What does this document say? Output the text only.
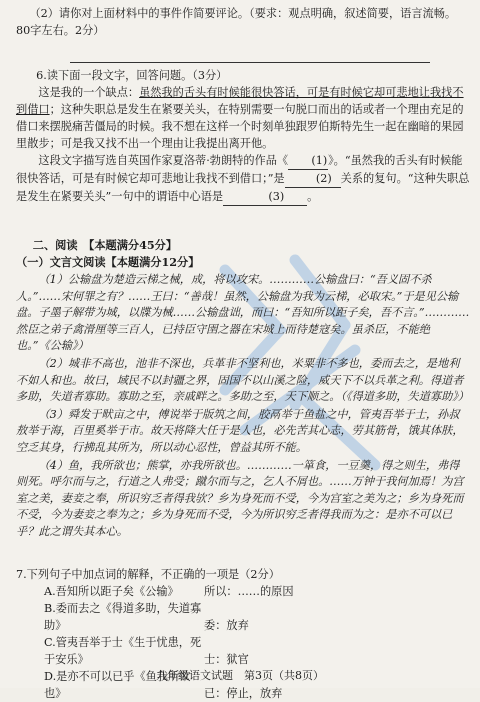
（2）请你对上面材料中的事件作简要评论。（要求：观点明确，叙述简要，语言流畅。

80字左右。2分）

6.读下面一段文字，回答问题。（3分）

这是我的一个缺点：虽然我的舌头有时候能很快答话，可是有时候它却可悲地让我找不到借口；这种失职总是发生在紧要关头，在特别需要一句脱口而出的话或者一个理由充足的借口来摆脱痛苦僵局的时候。我不想在这样一个时刻单独跟罗伯斯特先生一起在幽暗的果园里散步；可是我又找不出一个理由让我提出离开他。

这段文字描写选自英国作家夏洛蒂·勃朗特的作品《 (1)》。“虽然我的舌头有时候能很快答话，可是有时候它却可悲地让我找不到借口；”是	(2) 关系的复句。“这种失职总是发生在紧要关头”一句中的谓语中心语是	(3) 。

二、阅读　【本题满分45分】

（一）文言文阅读【本题满分12分】

（1）公输盘为楚造云梯之械，成，将以攻宋。…………公输盘曰：“吾义固不杀人。”……宋何罪之有？……王曰：“善哉！虽然，公输盘为我为云梯，必取宋。”于是见公输盘。子墨子解带为城，以牒为械……公输盘诎，而曰：“吾知所以距子矣，吾不言。”…………然臣之弟子禽滑厘等三百人，已持臣守圉之器在宋城上而待楚寇矣。虽杀臣，不能绝也。”《公输》）

（2）城非不高也，池非不深也，兵革非不坚利也，米粟非不多也，委而去之，是地利不如人和也。故曰，域民不以封疆之界，固国不以山溪之险，威天下不以兵革之利。得道者多助，失道者寡助。寡助之至，亲戚畔之。多助之至，天下顺之。（《得道多助，失道寡助》）

（3）舜发于畎亩之中，傅说举于版筑之间，胶鬲举于鱼盐之中，管夷吾举于士，孙叔敖举于海，百里奚举于市。故天将降大任于是人也，必先苦其心志，劳其筋骨，饿其体肤，空乏其身，行拂乱其所为，所以动心忍性，曾益其所不能。

（4）鱼，我所欲也；熊掌，亦我所欲也。…………一箪食，一豆羹，得之则生，弗得则死。呼尔而与之，行道之人弗受；蹴尔而与之，乞人不屑也。……万钟于我何加焉！为宫室之美，妻妾之奉，所识穷乏者得我欤？乡为身死而不受，今为宫室之美为之；乡为身死而不受，今为妻妾之奉为之；乡为身死而不受，今为所识穷乏者得我而为之：是亦不可以已乎？此之谓失其本心。

7.下列句子中加点词的解释，不正确的一项是（2分）

A.吾知所以距子矣《公输》 所以：……的原因

B.委而去之《得道多助，失道寡助》	委：放弃

C.管夷吾举于士《生于忧患，死于安乐》	士：狱官

D.是亦不可以已乎《鱼我所欲也》	已：停止，放弃

九年级语文试题　第3页（共8页）
